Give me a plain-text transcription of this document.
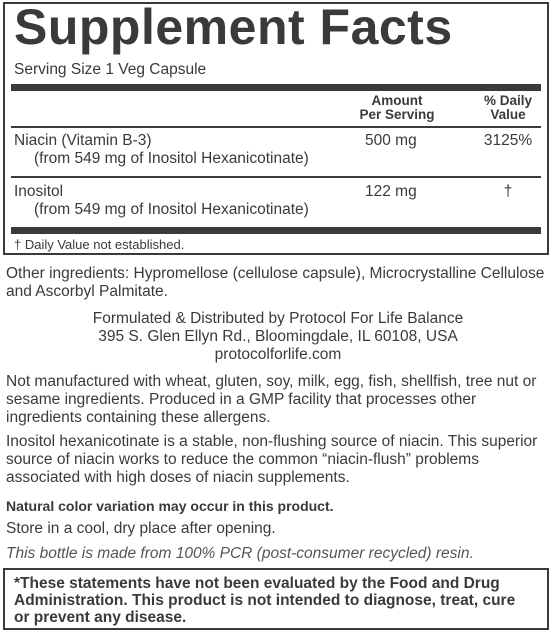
Supplement Facts
Serving Size 1 Veg Capsule
Amount
Per Serving
% Daily
Value
Niacin (Vitamin B-3)
(from 549 mg of Inositol Hexanicotinate)
500 mg	3125%
Inositol
(from 549 mg of Inositol Hexanicotinate)
122 mg	†
† Daily Value not established.
Other ingredients: Hypromellose (cellulose capsule), Microcrystalline Cellulose and Ascorbyl Palmitate.
Formulated & Distributed by Protocol For Life Balance
395 S. Glen Ellyn Rd., Bloomingdale, IL 60108, USA
protocolforlife.com
Not manufactured with wheat, gluten, soy, milk, egg, fish, shellfish, tree nut or sesame ingredients. Produced in a GMP facility that processes other ingredients containing these allergens.
Inositol hexanicotinate is a stable, non-flushing source of niacin. This superior source of niacin works to reduce the common “niacin-flush” problems associated with high doses of niacin supplements.
Natural color variation may occur in this product.
Store in a cool, dry place after opening.
This bottle is made from 100% PCR (post-consumer recycled) resin.
*These statements have not been evaluated by the Food and Drug Administration. This product is not intended to diagnose, treat, cure or prevent any disease.
